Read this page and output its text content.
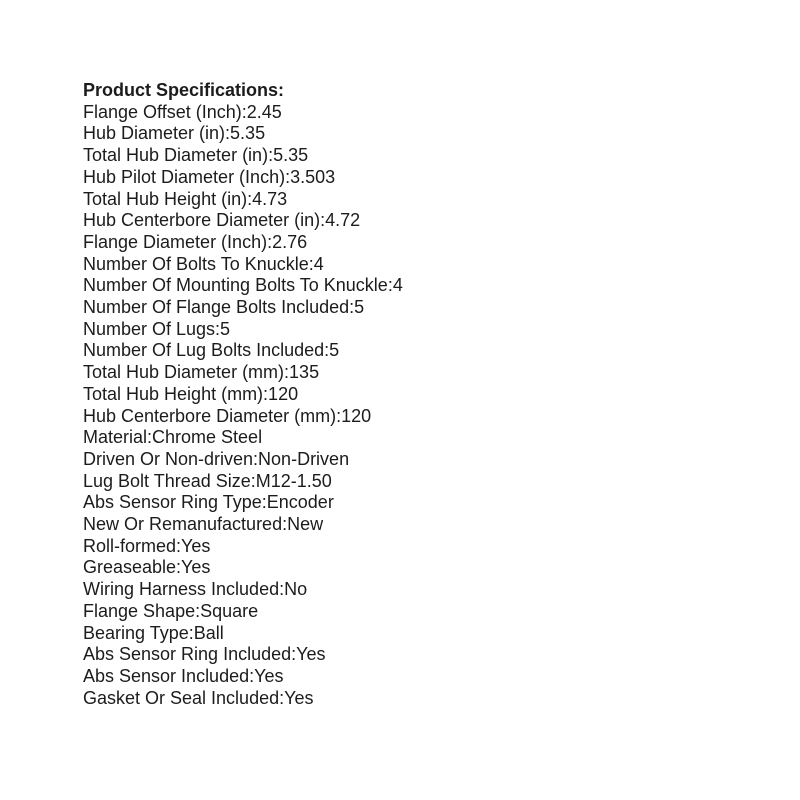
Product Specifications:
Flange Offset (Inch):2.45
Hub Diameter (in):5.35
Total Hub Diameter (in):5.35
Hub Pilot Diameter (Inch):3.503
Total Hub Height (in):4.73
Hub Centerbore Diameter (in):4.72
Flange Diameter (Inch):2.76
Number Of Bolts To Knuckle:4
Number Of Mounting Bolts To Knuckle:4
Number Of Flange Bolts Included:5
Number Of Lugs:5
Number Of Lug Bolts Included:5
Total Hub Diameter (mm):135
Total Hub Height (mm):120
Hub Centerbore Diameter (mm):120
Material:Chrome Steel
Driven Or Non-driven:Non-Driven
Lug Bolt Thread Size:M12-1.50
Abs Sensor Ring Type:Encoder
New Or Remanufactured:New
Roll-formed:Yes
Greaseable:Yes
Wiring Harness Included:No
Flange Shape:Square
Bearing Type:Ball
Abs Sensor Ring Included:Yes
Abs Sensor Included:Yes
Gasket Or Seal Included:Yes
